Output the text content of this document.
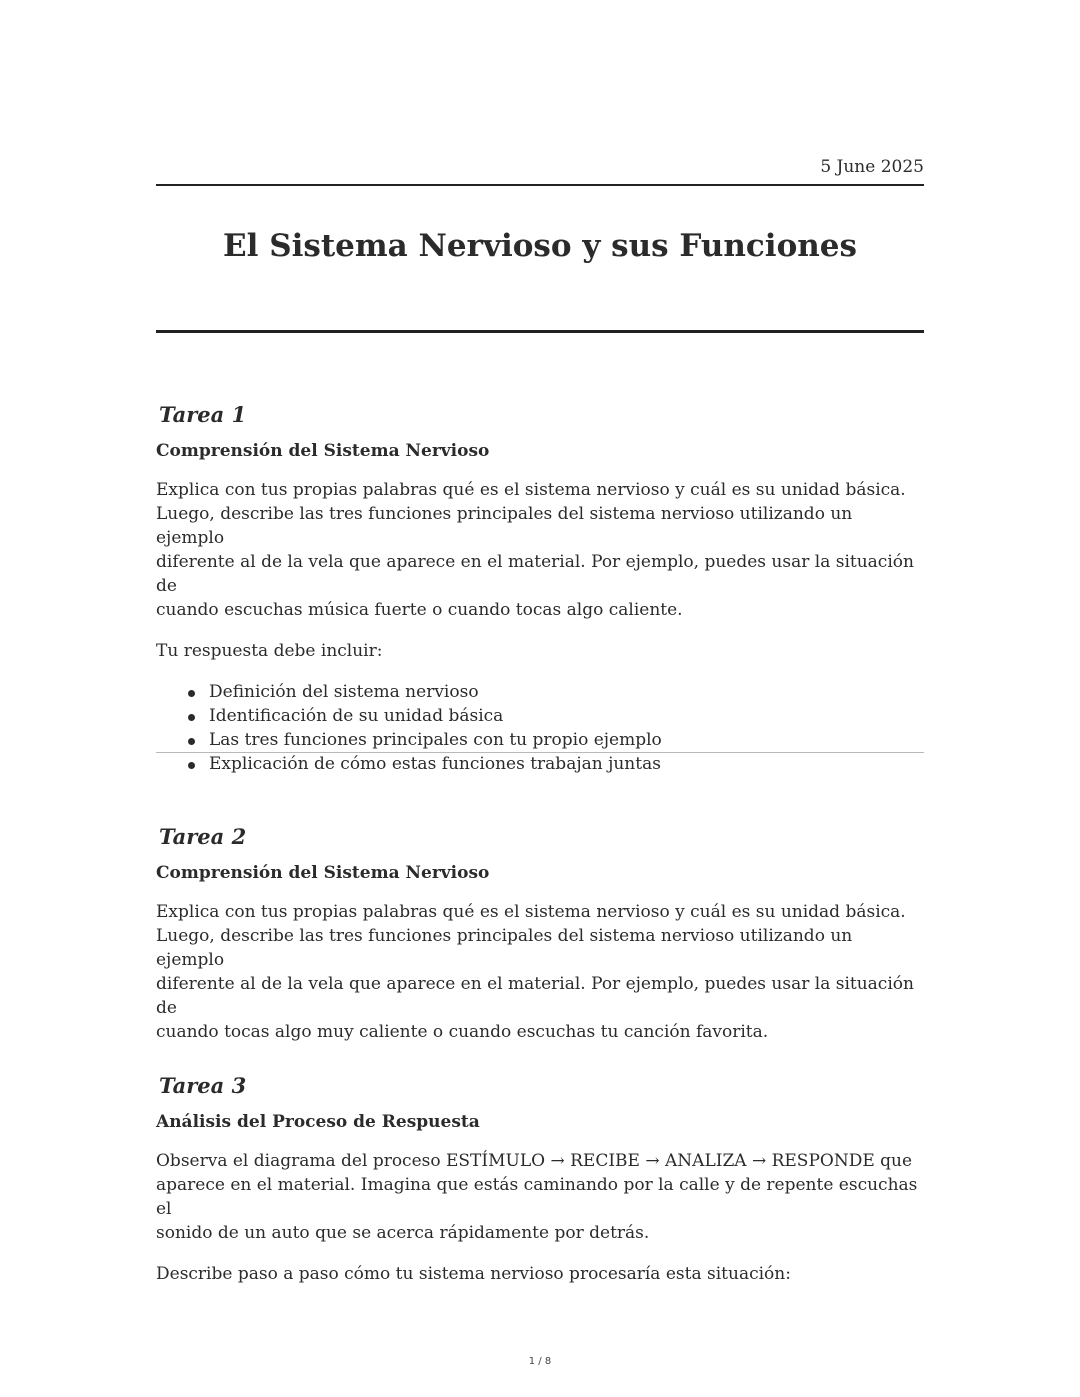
5 June 2025
El Sistema Nervioso y sus Funciones
Tarea 1

Comprensión del Sistema Nervioso

Explica con tus propias palabras qué es el sistema nervioso y cuál es su unidad básica.

Luego, describe las tres funciones principales del sistema nervioso utilizando un ejemplo

diferente al de la vela que aparece en el material. Por ejemplo, puedes usar la situación de

cuando escuchas música fuerte o cuando tocas algo caliente.

Tu respuesta debe incluir:

Definición del sistema nervioso
Identificación de su unidad básica
Las tres funciones principales con tu propio ejemplo
Explicación de cómo estas funciones trabajan juntas
Tarea 2

Comprensión del Sistema Nervioso

Explica con tus propias palabras qué es el sistema nervioso y cuál es su unidad básica.

Luego, describe las tres funciones principales del sistema nervioso utilizando un ejemplo

diferente al de la vela que aparece en el material. Por ejemplo, puedes usar la situación de

cuando tocas algo muy caliente o cuando escuchas tu canción favorita.

Tarea 3

Análisis del Proceso de Respuesta

Observa el diagrama del proceso ESTÍMULO → RECIBE → ANALIZA → RESPONDE que

aparece en el material. Imagina que estás caminando por la calle y de repente escuchas el

sonido de un auto que se acerca rápidamente por detrás.

Describe paso a paso cómo tu sistema nervioso procesaría esta situación:

1 / 8
